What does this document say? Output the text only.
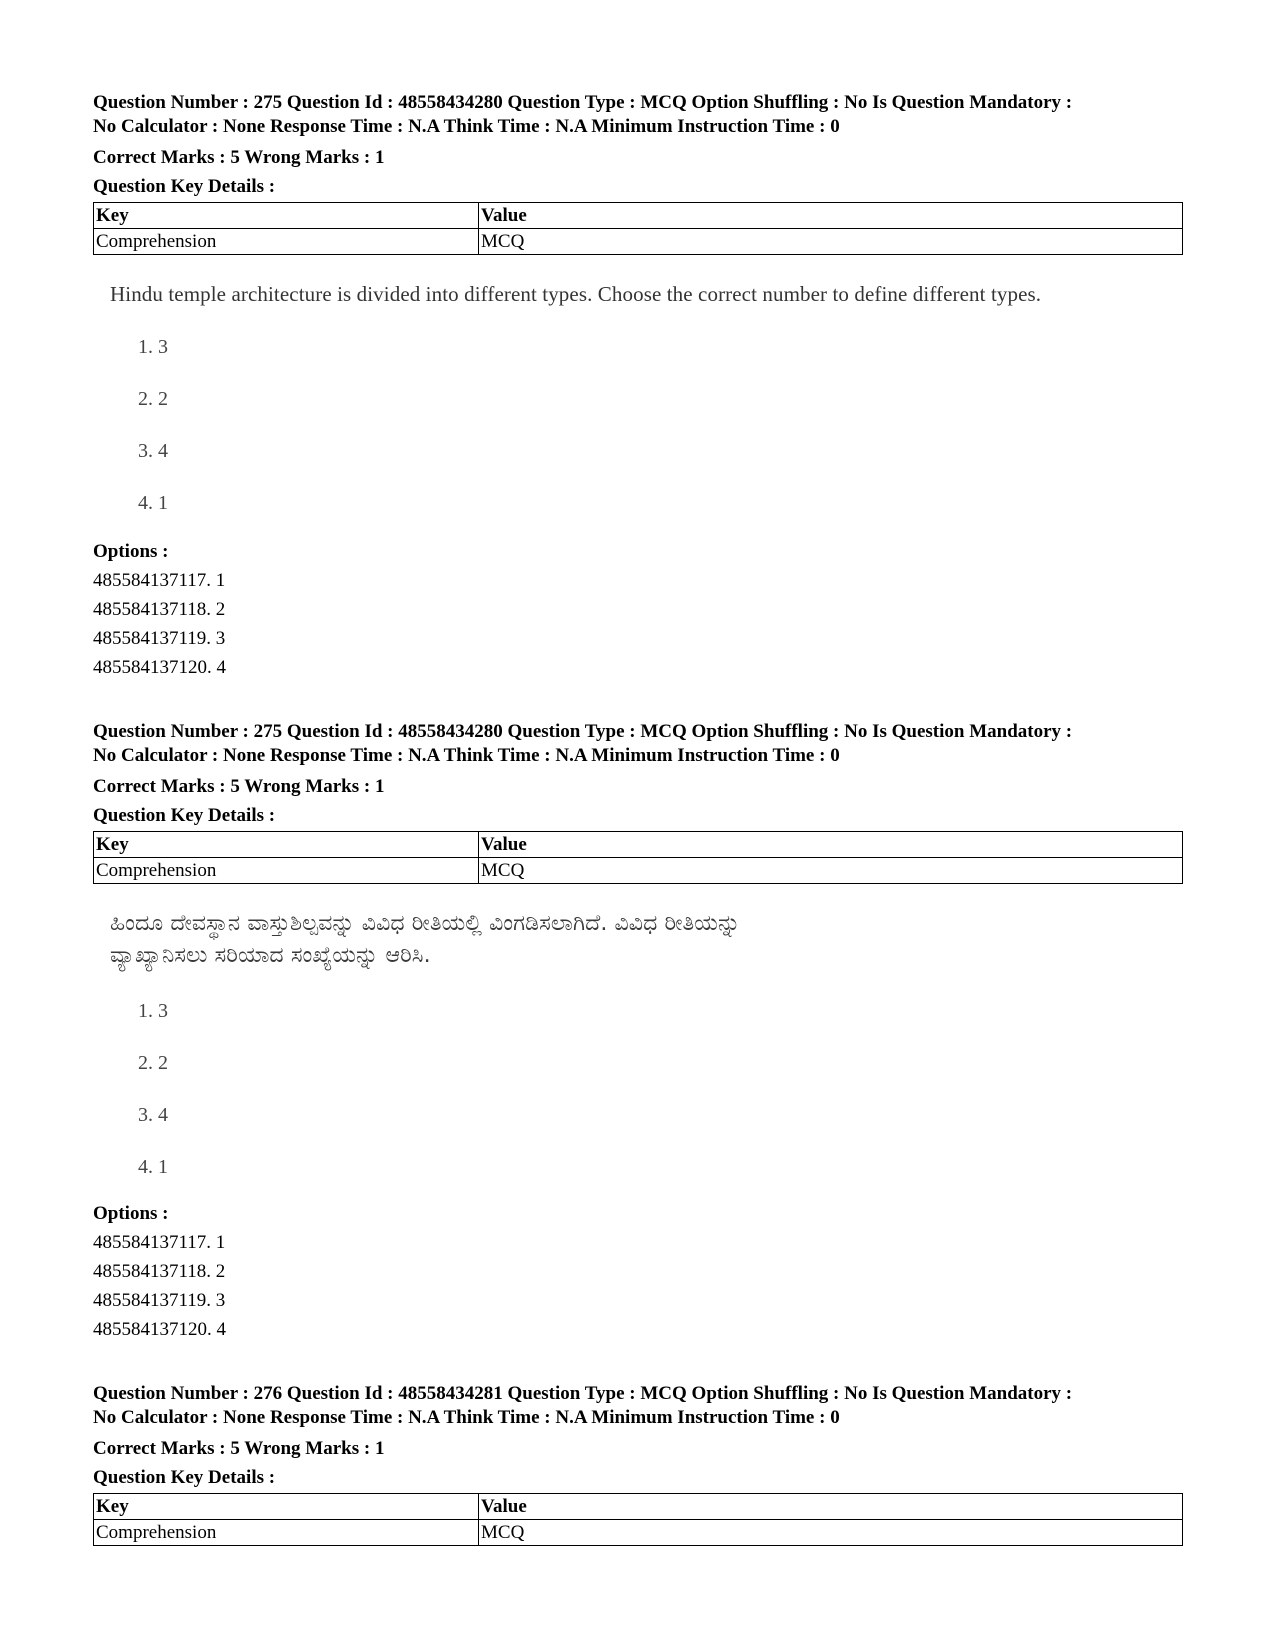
Question Number : 275 Question Id : 48558434280 Question Type : MCQ Option Shuffling : No Is Question Mandatory :

No Calculator : None Response Time : N.A Think Time : N.A Minimum Instruction Time : 0

Correct Marks : 5 Wrong Marks : 1
Question Key Details :
Key	Value
Comprehension	MCQ
Hindu temple architecture is divided into different types. Choose the correct number to define different types.
1. 3
2. 2
3. 4
4. 1
Options :
485584137117. 1
485584137118. 2
485584137119. 3
485584137120. 4

Question Number : 275 Question Id : 48558434280 Question Type : MCQ Option Shuffling : No Is Question Mandatory :

No Calculator : None Response Time : N.A Think Time : N.A Minimum Instruction Time : 0

Correct Marks : 5 Wrong Marks : 1
Question Key Details :
Key	Value
Comprehension	MCQ
ಹಿಂದೂ ದೇವಸ್ಥಾನ ವಾಸ್ತುಶಿಲ್ಪವನ್ನು ವಿವಿಧ ರೀತಿಯಲ್ಲಿ ವಿಂಗಡಿಸಲಾಗಿದೆ. ವಿವಿಧ ರೀತಿಯನ್ನು
ವ್ಯಾಖ್ಯಾನಿಸಲು ಸರಿಯಾದ ಸಂಖ್ಯೆಯನ್ನು ಆರಿಸಿ.
1. 3
2. 2
3. 4
4. 1
Options :
485584137117. 1
485584137118. 2
485584137119. 3
485584137120. 4

Question Number : 276 Question Id : 48558434281 Question Type : MCQ Option Shuffling : No Is Question Mandatory :

No Calculator : None Response Time : N.A Think Time : N.A Minimum Instruction Time : 0

Correct Marks : 5 Wrong Marks : 1
Question Key Details :
Key	Value
Comprehension	MCQ
